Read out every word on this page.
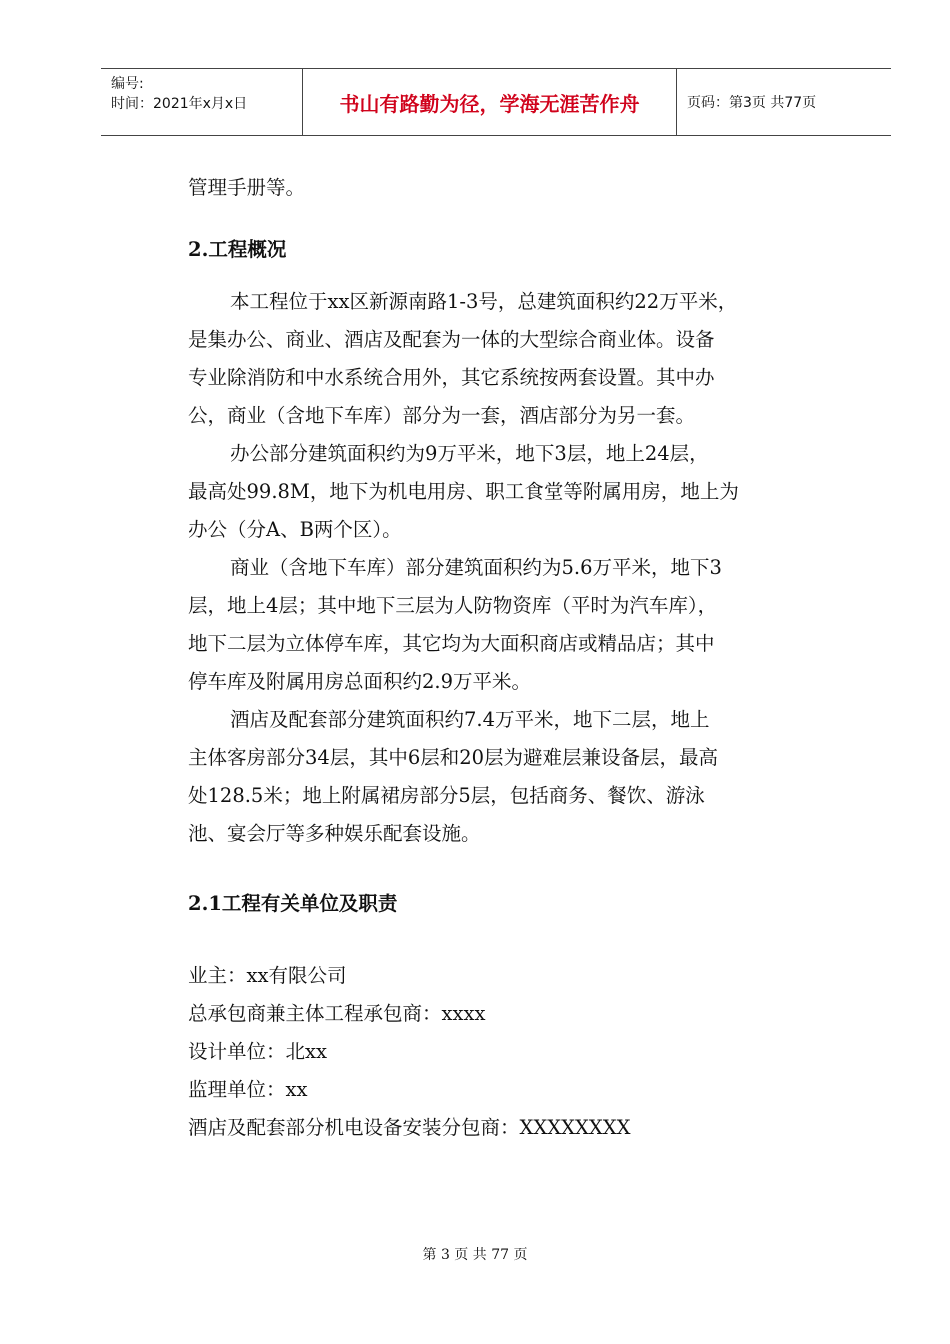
编号:
时间：2021年x月x日	书山有路勤为径，学海无涯苦作舟	页码：第3页 共77页
管理手册等。
2.工程概况
本工程位于xx区新源南路1-3号，总建筑面积约22万平米，
是集办公、商业、酒店及配套为一体的大型综合商业体。设备
专业除消防和中水系统合用外，其它系统按两套设置。其中办
公，商业（含地下车库）部分为一套，酒店部分为另一套。
办公部分建筑面积约为9万平米，地下3层，地上24层，
最高处99.8M，地下为机电用房、职工食堂等附属用房，地上为
办公（分A、B两个区）。
商业（含地下车库）部分建筑面积约为5.6万平米，地下3
层，地上4层；其中地下三层为人防物资库（平时为汽车库），
地下二层为立体停车库，其它均为大面积商店或精品店；其中
停车库及附属用房总面积约2.9万平米。
酒店及配套部分建筑面积约7.4万平米，地下二层，地上
主体客房部分34层，其中6层和20层为避难层兼设备层，最高
处128.5米；地上附属裙房部分5层，包括商务、餐饮、游泳
池、宴会厅等多种娱乐配套设施。
2.1工程有关单位及职责
业主：xx有限公司
总承包商兼主体工程承包商：xxxx
设计单位：北xx
监理单位：xx
酒店及配套部分机电设备安装分包商：XXXXXXXX
第 3 页 共 77 页
